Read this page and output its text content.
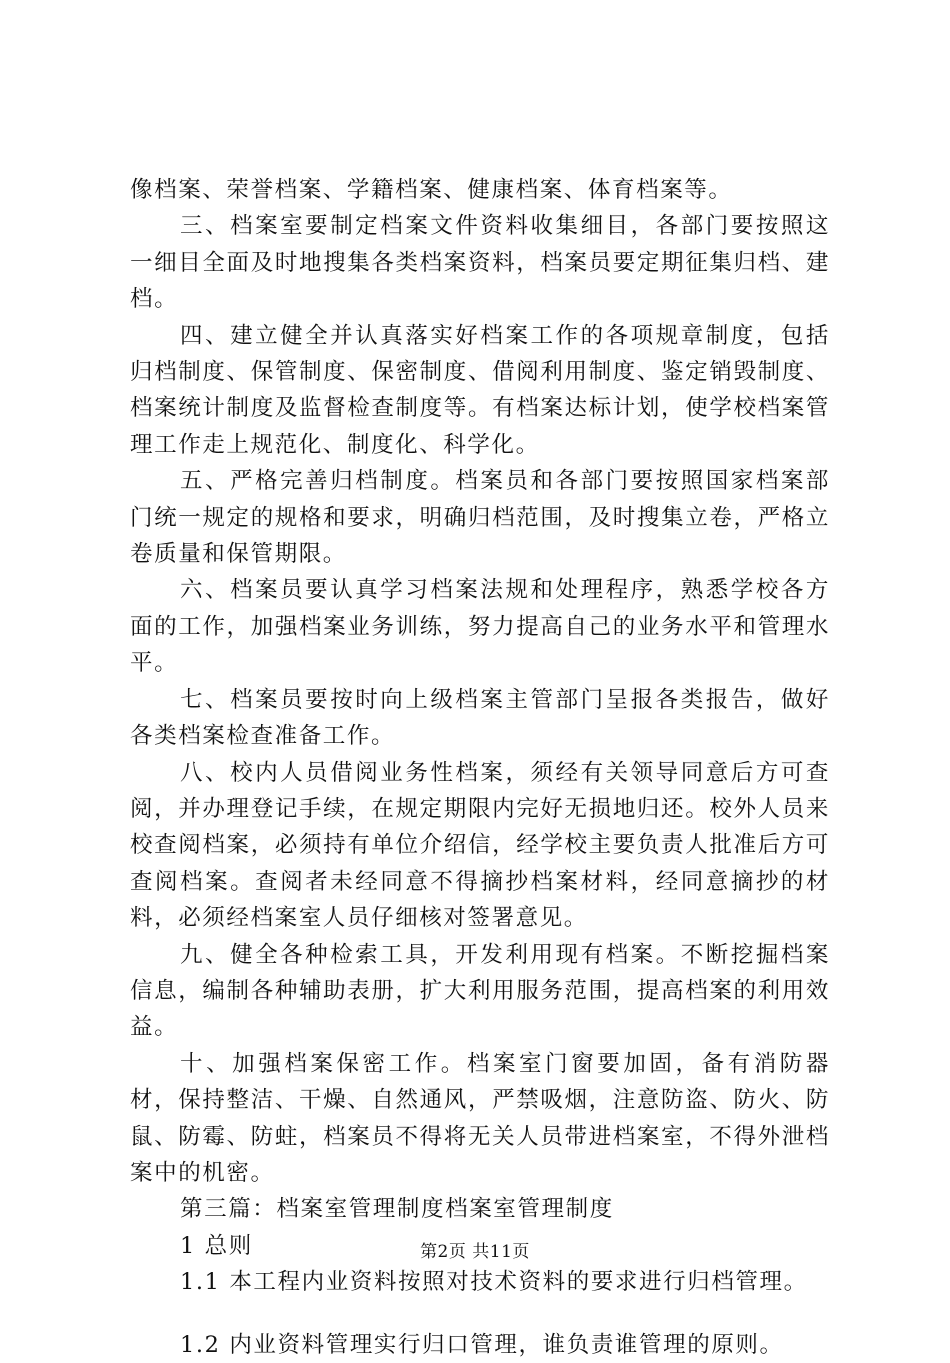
像档案、荣誉档案、学籍档案、健康档案、体育档案等。

三、档案室要制定档案文件资料收集细目，各部门要按照这一细目全面及时地搜集各类档案资料，档案员要定期征集归档、建档。

四、建立健全并认真落实好档案工作的各项规章制度，包括归档制度、保管制度、保密制度、借阅利用制度、鉴定销毁制度、档案统计制度及监督检查制度等。有档案达标计划，使学校档案管理工作走上规范化、制度化、科学化。

五、严格完善归档制度。档案员和各部门要按照国家档案部门统一规定的规格和要求，明确归档范围，及时搜集立卷，严格立卷质量和保管期限。

六、档案员要认真学习档案法规和处理程序，熟悉学校各方面的工作，加强档案业务训练，努力提高自己的业务水平和管理水平。

七、档案员要按时向上级档案主管部门呈报各类报告，做好各类档案检查准备工作。

八、校内人员借阅业务性档案，须经有关领导同意后方可查阅，并办理登记手续，在规定期限内完好无损地归还。校外人员来校查阅档案，必须持有单位介绍信，经学校主要负责人批准后方可查阅档案。查阅者未经同意不得摘抄档案材料，经同意摘抄的材料，必须经档案室人员仔细核对签署意见。

九、健全各种检索工具，开发利用现有档案。不断挖掘档案信息，编制各种辅助表册，扩大利用服务范围，提高档案的利用效益。

十、加强档案保密工作。档案室门窗要加固，备有消防器材，保持整洁、干燥、自然通风，严禁吸烟，注意防盗、防火、防鼠、防霉、防蛀，档案员不得将无关人员带进档案室，不得外泄档案中的机密。

第三篇：档案室管理制度档案室管理制度

1 总则

1.1 本工程内业资料按照对技术资料的要求进行归档管理。

1.2 内业资料管理实行归口管理，谁负责谁管理的原则。

第2页 共11页
